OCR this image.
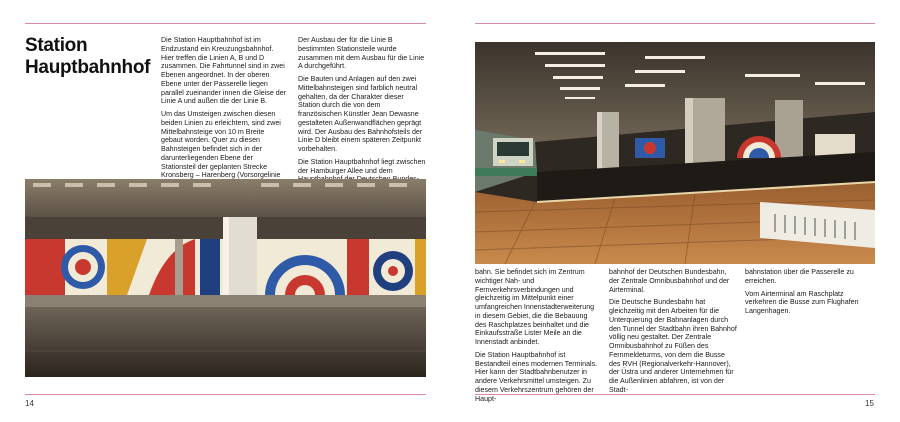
Station
Hauptbahnhof

Die Station Hauptbahnhof ist im Endzustand ein Kreuzungsbahnhof. Hier treffen die Linien A, B und D zusammen. Die Fahrtunnel sind in zwei Ebenen angeordnet. In der oberen Ebene unter der Passerelle liegen parallel zueinander innen die Gleise der Linie A und außen die der Linie B.

Um das Umsteigen zwischen diesen beiden Linien zu erleichtern, sind zwei Mittelbahnsteige von 10 m Breite gebaut worden. Quer zu diesen Bahnsteigen befindet sich in der darunterliegenden Ebene der Stationsteil der geplanten Strecke Kronsberg – Harenberg (Vorsorgelinie

Der Ausbau der für die Linie B bestimmten Stationsteile wurde zusammen mit dem Ausbau für die Linie A durchgeführt.

Die Bauten und Anlagen auf den zwei Mittelbahnsteigen sind farblich neutral gehalten, da der Charakter dieser Station durch die von dem französischen Künstler Jean Dewasne gestalteten Außenwandflächen geprägt wird. Der Ausbau des Bahnhofsteils der Linie D bleibt einem späteren Zeitpunkt vorbehalten.

Die Station Hauptbahnhof liegt zwischen der Hamburger Allee und dem

bahn. Sie befindet sich im Zentrum wichtiger Nah- und Fernverkehrsverbindungen und gleichzeitig im Mittelpunkt einer umfangreichen Innenstadterweiterung in diesem Gebiet, die die Bebauung des Raschplatzes beinhaltet und die Einkaufsstraße Lister Meile an die Innenstadt anbindet.

Die Station Hauptbahnhof ist Bestandteil eines modernen Terminals. Hier kann der Stadtbahnbenutzer in andere Verkehrsmittel umsteigen. Zu diesem Verkehrszentrum gehören der Haupt-

bahnhof der Deutschen Bundesbahn, der Zentrale Omnibusbahnhof und der Airterminal.

Die Deutsche Bundesbahn hat gleichzeitig mit den Arbeiten für die Unterquerung der Bahnanlagen durch den Tunnel der Stadtbahn ihren Bahnhof völlig neu gestaltet. Der Zentrale Omnibusbahnhof zu Füßen des Fernmeldeturms, von dem die Busse des RVH (Regionalverkehr-Hannover), der Üstra und anderer Unternehmen für die Außenlinien abfahren, ist von der Stadt-

bahnstation über die Passerelle zu erreichen.

Vom Airterminal am Raschplatz verkehren die Busse zum Flughafen Langenhagen.

14	15
